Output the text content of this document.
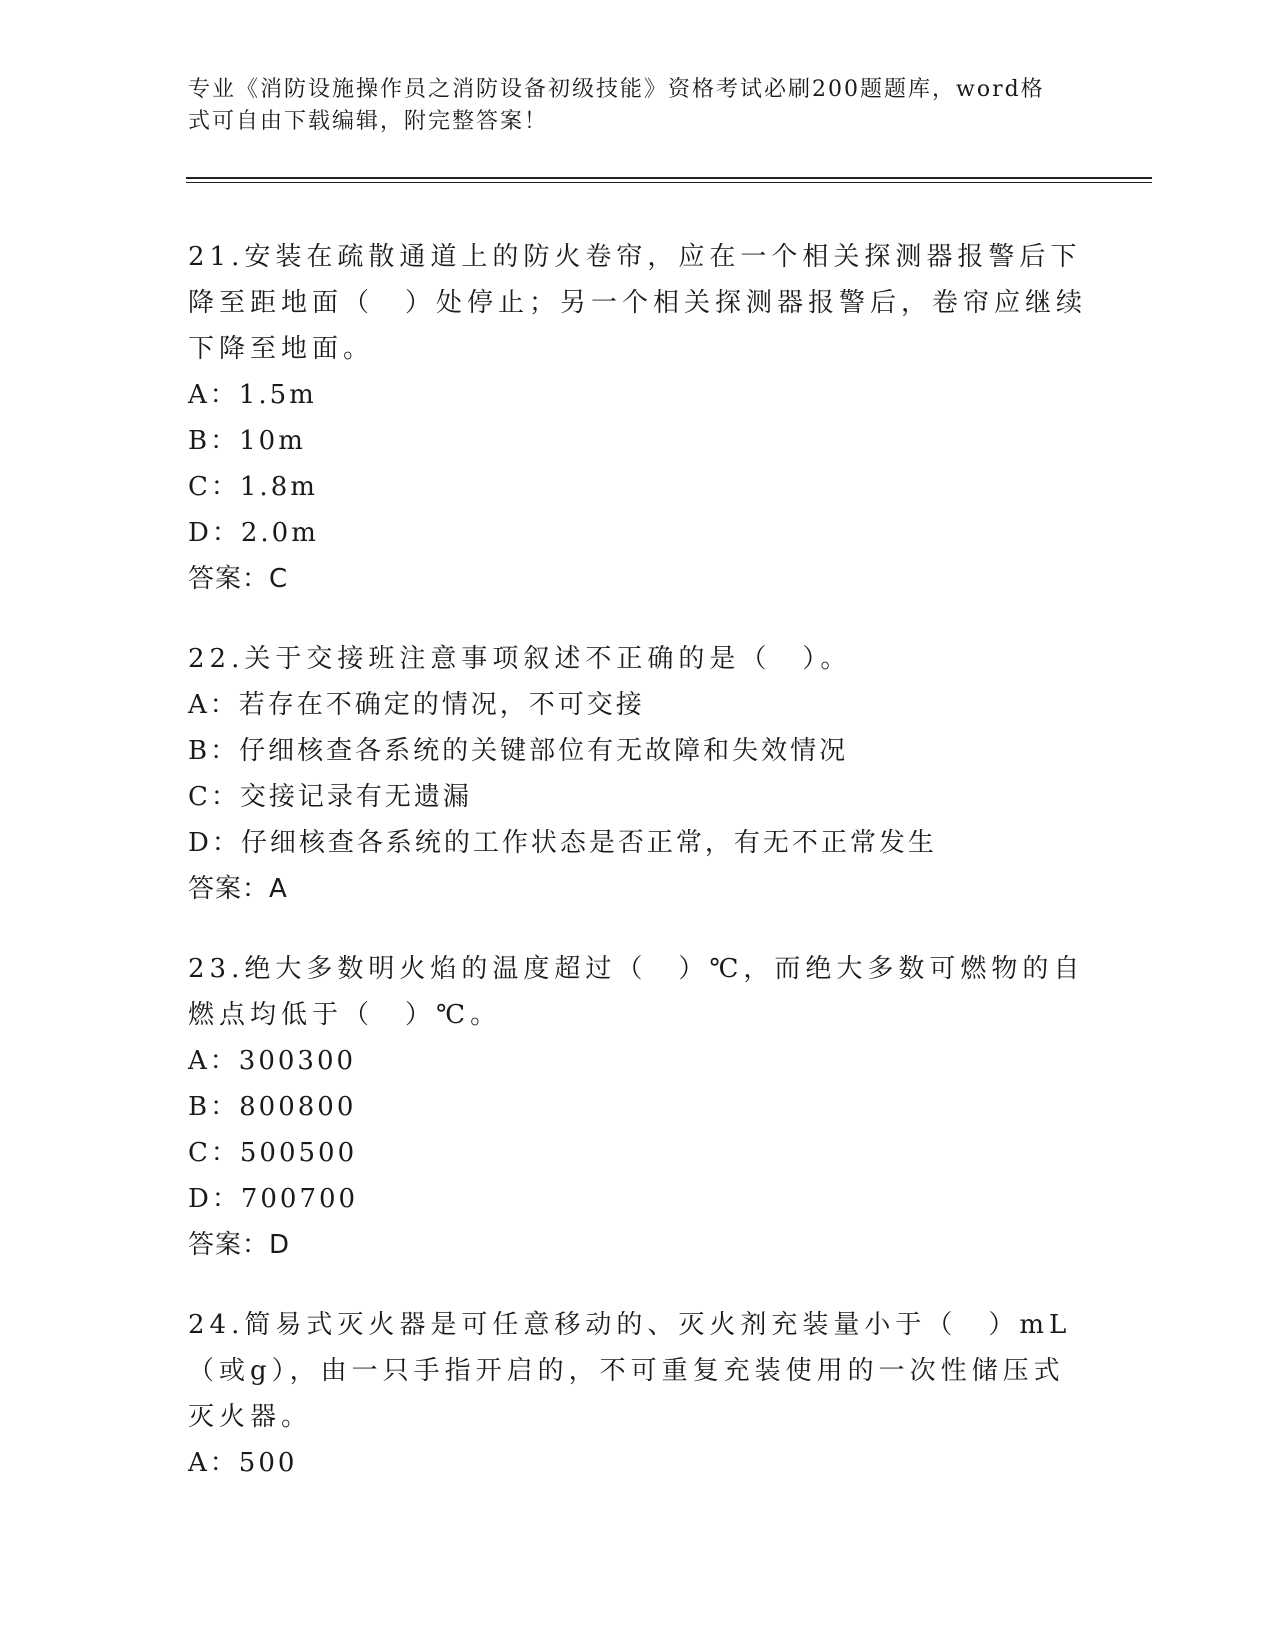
专业《消防设施操作员之消防设备初级技能》资格考试必刷200题题库，word格式可自由下载编辑，附完整答案！

21.安装在疏散通道上的防火卷帘，应在一个相关探测器报警后下降至距地面（　）处停止；另一个相关探测器报警后，卷帘应继续下降至地面。

A：1.5m

B：10m

C：1.8m

D：2.0m

答案：C

22.关于交接班注意事项叙述不正确的是（　）。

A：若存在不确定的情况，不可交接

B：仔细核查各系统的关键部位有无故障和失效情况

C：交接记录有无遗漏

D：仔细核查各系统的工作状态是否正常，有无不正常发生

答案：A

23.绝大多数明火焰的温度超过（　）℃，而绝大多数可燃物的自燃点均低于（　）℃。

A：300300

B：800800

C：500500

D：700700

答案：D

24.简易式灭火器是可任意移动的、灭火剂充装量小于（　）mL（或g），由一只手指开启的，不可重复充装使用的一次性储压式灭火器。

A：500
